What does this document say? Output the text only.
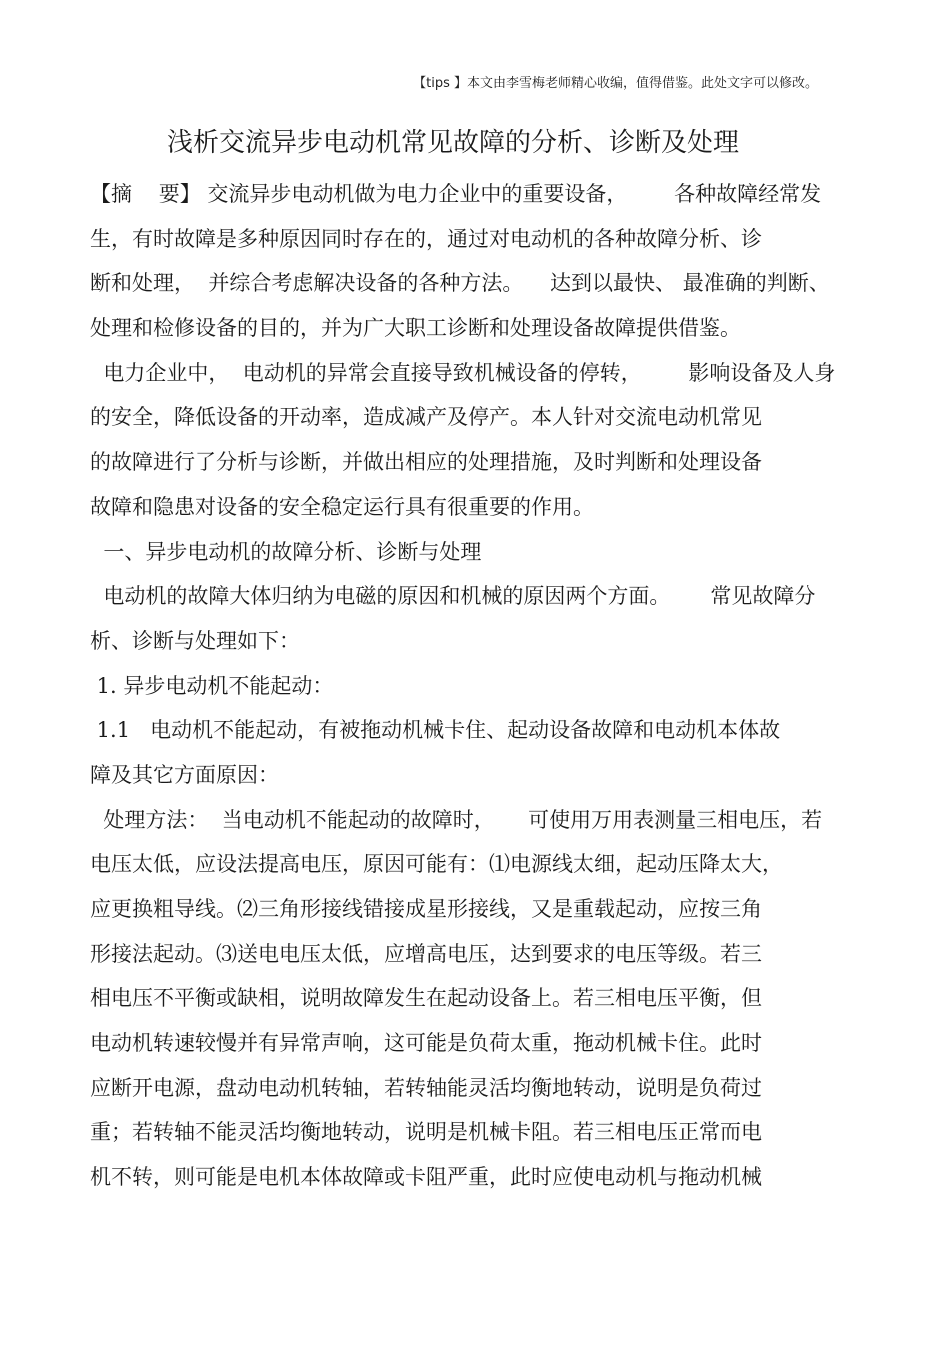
【tips 】本文由李雪梅老师精心收编，值得借鉴。此处文字可以修改。
浅析交流异步电动机常见故障的分析、诊断及处理
【摘    要】 交流异步电动机做为电力企业中的重要设备，       各种故障经常发
生，有时故障是多种原因同时存在的，通过对电动机的各种故障分析、诊
断和处理，  并综合考虑解决设备的各种方法。    达到以最快、 最准确的判断、
处理和检修设备的目的，并为广大职工诊断和处理设备故障提供借鉴。
电力企业中，  电动机的异常会直接导致机械设备的停转，       影响设备及人身
的安全，降低设备的开动率，造成减产及停产。本人针对交流电动机常见
的故障进行了分析与诊断，并做出相应的处理措施，及时判断和处理设备
故障和隐患对设备的安全稳定运行具有很重要的作用。
一、异步电动机的故障分析、诊断与处理
电动机的故障大体归纳为电磁的原因和机械的原因两个方面。      常见故障分
析、诊断与处理如下：
1. 异步电动机不能起动：
1.1   电动机不能起动，有被拖动机械卡住、起动设备故障和电动机本体故
障及其它方面原因：
处理方法：  当电动机不能起动的故障时，     可使用万用表测量三相电压，若
电压太低，应设法提高电压，原因可能有：⑴电源线太细，起动压降太大，
应更换粗导线。⑵三角形接线错接成星形接线，又是重载起动，应按三角
形接法起动。⑶送电电压太低，应增高电压，达到要求的电压等级。若三
相电压不平衡或缺相，说明故障发生在起动设备上。若三相电压平衡，但
电动机转速较慢并有异常声响，这可能是负荷太重，拖动机械卡住。此时
应断开电源，盘动电动机转轴，若转轴能灵活均衡地转动，说明是负荷过
重；若转轴不能灵活均衡地转动，说明是机械卡阻。若三相电压正常而电
机不转，则可能是电机本体故障或卡阻严重，此时应使电动机与拖动机械
